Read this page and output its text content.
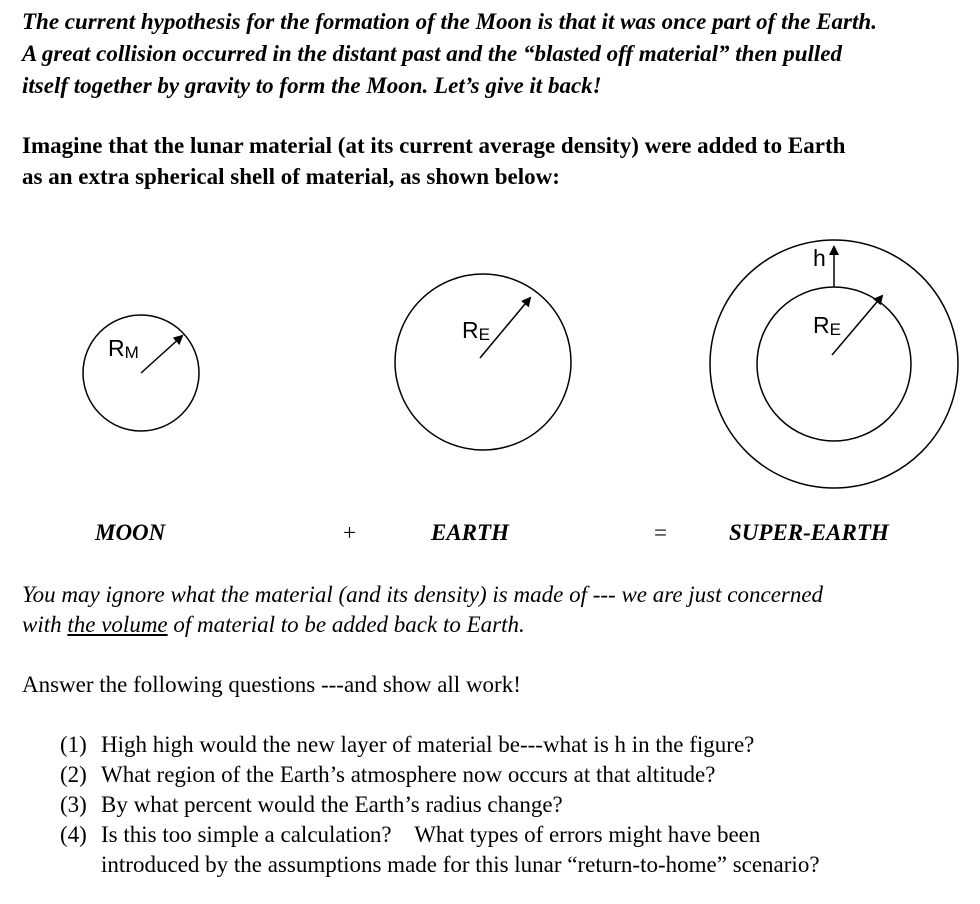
The current hypothesis for the formation of the Moon is that it was once part of the Earth.
A great collision occurred in the distant past and the “blasted off material” then pulled
itself together by gravity to form the Moon. Let’s give it back!
Imagine that the lunar material (at its current average density) were added to Earth
as an extra spherical shell of material, as shown below:
RM
RE	RE
h
MOON	+	EARTH	=	SUPER-EARTH
You may ignore what the material (and its density) is made of --- we are just concerned
with the volume of material to be added back to Earth.
Answer the following questions ---and show all work!
(1) High high would the new layer of material be---what is h in the figure?
(2) What region of the Earth’s atmosphere now occurs at that altitude?
(3) By what percent would the Earth’s radius change?
(4) Is this too simple a calculation?    What types of errors might have been
introduced by the assumptions made for this lunar “return-to-home” scenario?
